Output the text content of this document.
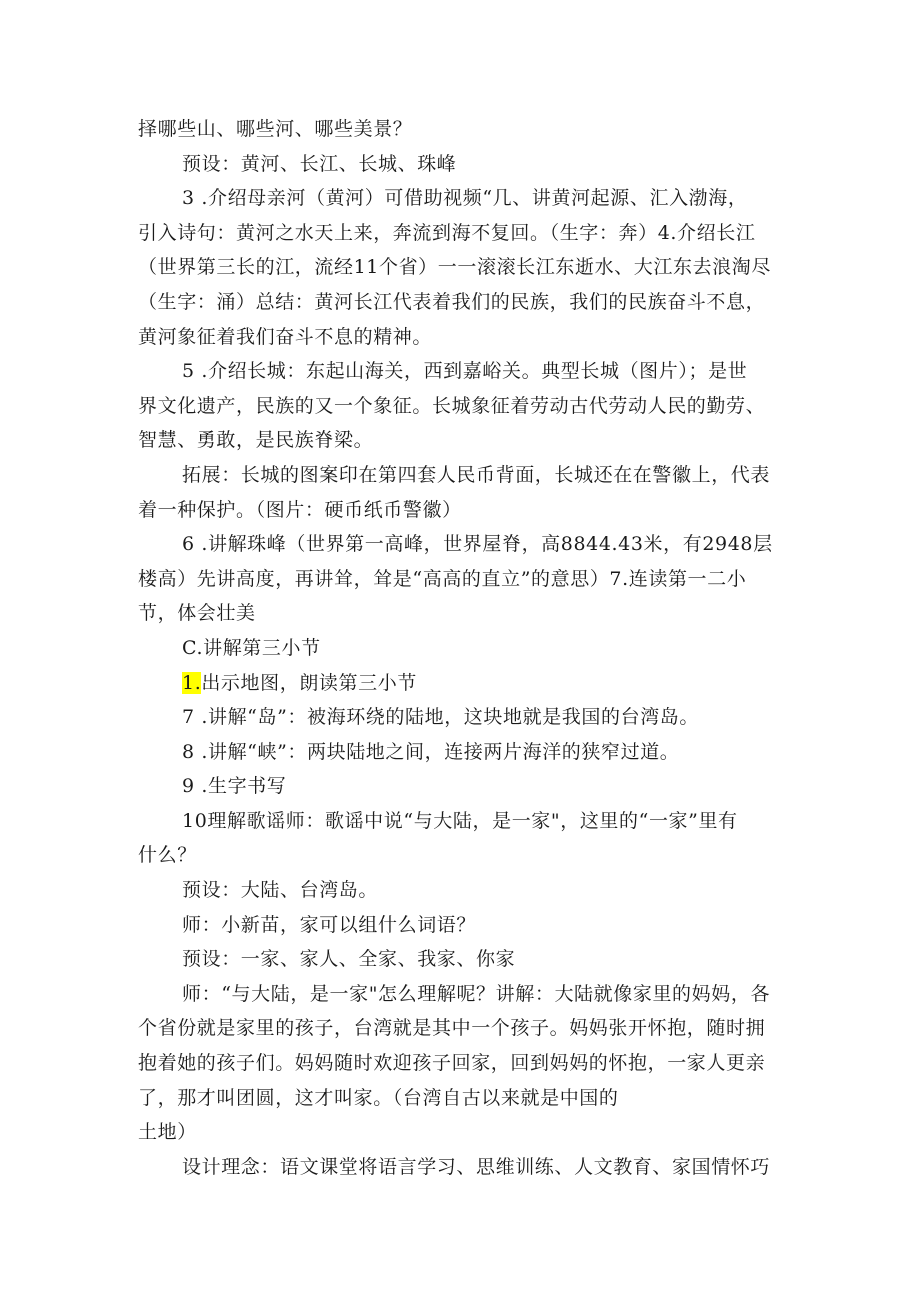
择哪些山、哪些河、哪些美景？
预设：黄河、长江、长城、珠峰
3 .介绍母亲河（黄河）可借助视频“几、讲黄河起源、汇入渤海，
引入诗句：黄河之水天上来，奔流到海不复回。（生字：奔）4.介绍长江
（世界第三长的江，流经11个省）一一滚滚长江东逝水、大江东去浪淘尽
（生字：涌）总结：黄河长江代表着我们的民族，我们的民族奋斗不息，
黄河象征着我们奋斗不息的精神。
5 .介绍长城：东起山海关，西到嘉峪关。典型长城（图片）；是世
界文化遗产，民族的又一个象征。长城象征着劳动古代劳动人民的勤劳、
智慧、勇敢，是民族脊梁。
拓展：长城的图案印在第四套人民币背面，长城还在在警徽上，代表
着一种保护。（图片：硬币纸币警徽）
6 .讲解珠峰（世界第一高峰，世界屋脊，高8844.43米，有2948层
楼高）先讲高度，再讲耸，耸是“高高的直立”的意思）7.连读第一二小
节，体会壮美
C.讲解第三小节
1.出示地图，朗读第三小节
7 .讲解“岛”：被海环绕的陆地，这块地就是我国的台湾岛。
8 .讲解“峡”：两块陆地之间，连接两片海洋的狭窄过道。
9 .生字书写
10理解歌谣师：歌谣中说“与大陆，是一家"，这里的“一家”里有
什么？
预设：大陆、台湾岛。
师：小新苗，家可以组什么词语？
预设：一家、家人、全家、我家、你家
师：“与大陆，是一家"怎么理解呢？讲解：大陆就像家里的妈妈，各
个省份就是家里的孩子，台湾就是其中一个孩子。妈妈张开怀抱，随时拥
抱着她的孩子们。妈妈随时欢迎孩子回家，回到妈妈的怀抱，一家人更亲
了，那才叫团圆，这才叫家。（台湾自古以来就是中国的
土地）
设计理念：语文课堂将语言学习、思维训练、人文教育、家国情怀巧
